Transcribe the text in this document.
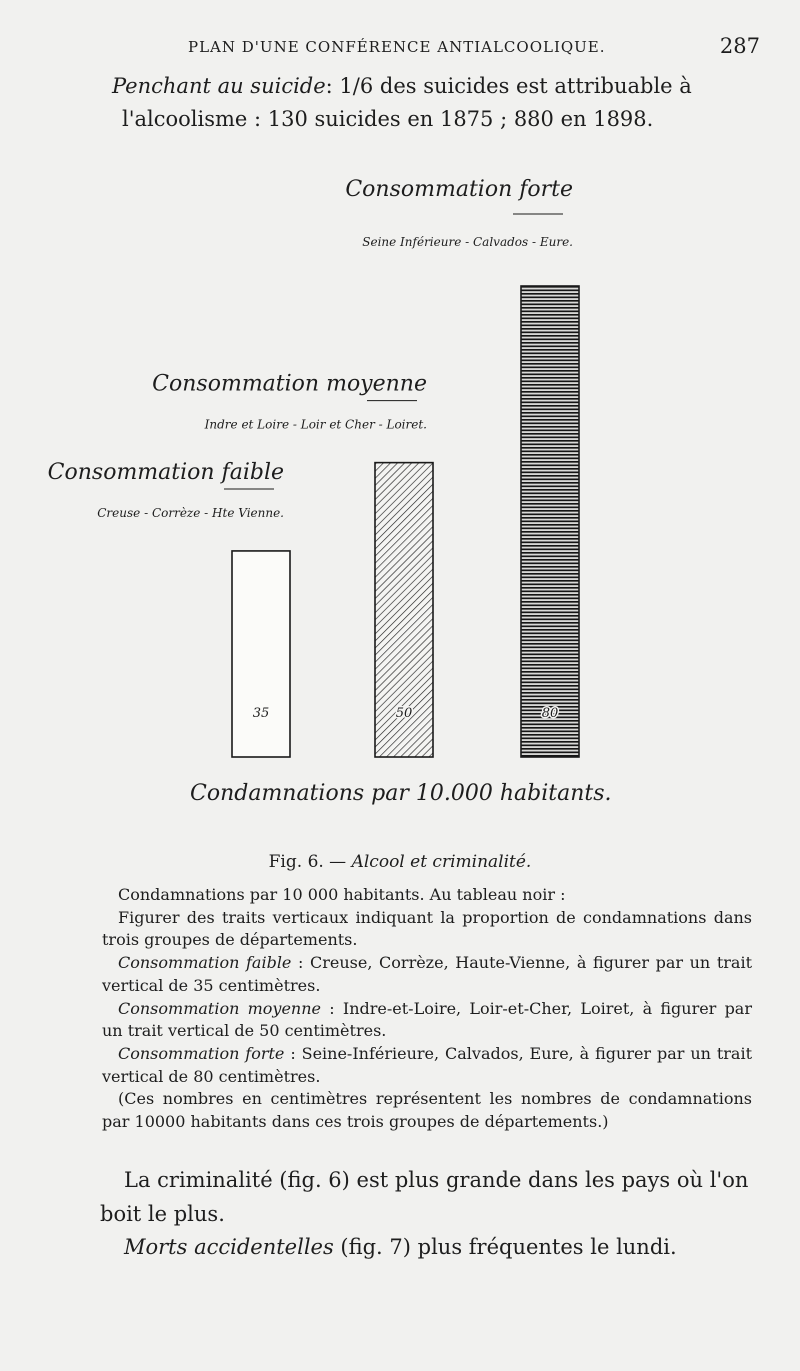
PLAN D'UNE CONFÉRENCE ANTIALCOOLIQUE.	287
Penchant au suicide: 1/6 des suicides est attribuable à
l'alcoolisme : 130 suicides en 1875 ; 880 en 1898.
35
Consommation faible
Creuse - Corrèze - Hte Vienne.
50
Consommation moyenne
Indre et Loire - Loir et Cher - Loiret.
80
Consommation forte
Seine Inférieure - Calvados - Eure.
Condamnations par 10.000 habitants.
Fig. 6. — Alcool et criminalité.

Condamnations par 10 000 habitants. Au tableau noir :

Figurer des traits verticaux indiquant la proportion de condamnations dans trois groupes de départements.

Consommation faible : Creuse, Corrèze, Haute-Vienne, à figurer par un trait vertical de 35 centimètres.

Consommation moyenne : Indre-et-Loire, Loir-et-Cher, Loiret, à figurer par un trait vertical de 50 centimètres.

Consommation forte : Seine-Inférieure, Calvados, Eure, à figurer par un trait vertical de 80 centimètres.

(Ces nombres en centimètres représentent les nombres de condamnations par 10000 habitants dans ces trois groupes de départements.)

La criminalité (fig. 6) est plus grande dans les pays où l'on boit le plus.

Morts accidentelles (fig. 7) plus fréquentes le lundi.
